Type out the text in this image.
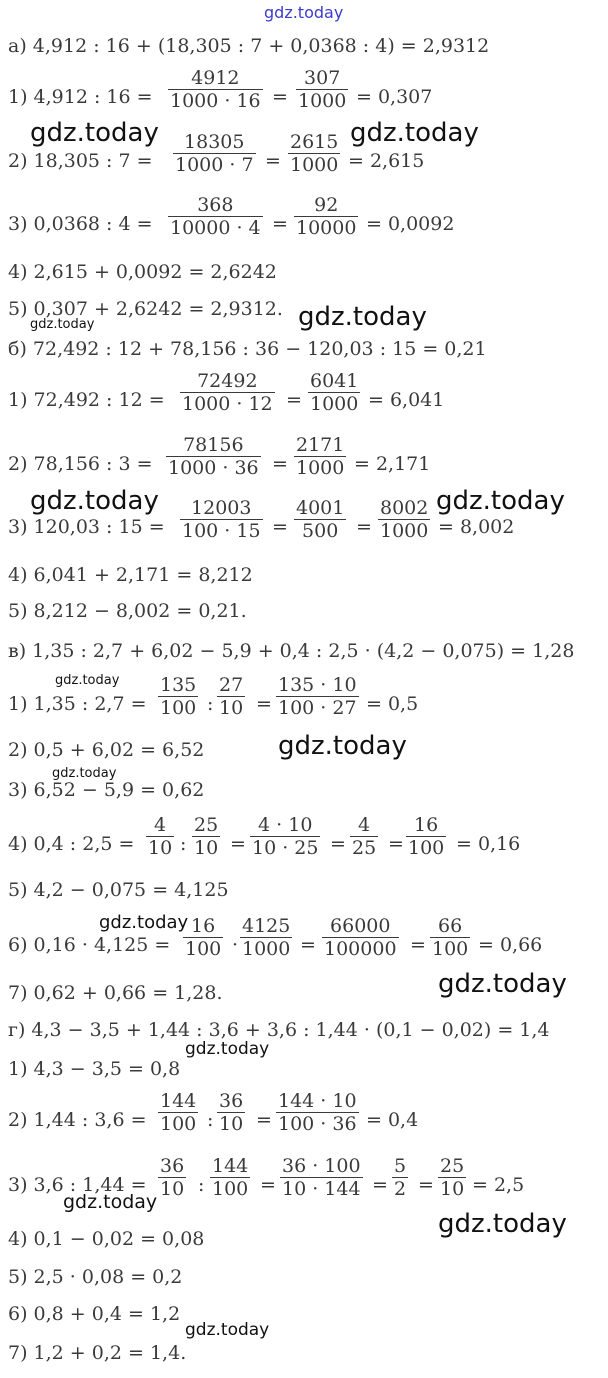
gdz.today
gdz.today	gdz.today
gdz.today	gdz.today
gdz.today	gdz.today
gdz.today
gdz.today
gdz.today
gdz.today
gdz.today
gdz.today
gdz.today
gdz.today
gdz.today
а) 4,912 : 16 + (18,305 : 7 + 0,0368 : 4) = 2,9312
1) 4,912 : 16 =
4912
1000 · 16 =
307
1000 = 0,307
2) 18,305 : 7 =
18305
1000 · 7 =
2615
1000 = 2,615
3) 0,0368 : 4 =
368
10000 · 4 =
92
10000 = 0,0092
4) 2,615 + 0,0092 = 2,6242
5) 0,307 + 2,6242 = 2,9312.
б) 72,492 : 12 + 78,156 : 36 − 120,03 : 15 = 0,21
1) 72,492 : 12 =
72492
1000 · 12 =
6041
1000 = 6,041
2) 78,156 : 3 =
78156
1000 · 36 =
2171
1000 = 2,171
3) 120,03 : 15 =
12003
100 · 15 =
4001
500 =
8002
1000 = 8,002
4) 6,041 + 2,171 = 8,212
5) 8,212 − 8,002 = 0,21.
в) 1,35 : 2,7 + 6,02 − 5,9 + 0,4 : 2,5 · (4,2 − 0,075) = 1,28
1) 1,35 : 2,7 =
135
100 :
27
10 =
135 · 10
100 · 27 = 0,5
2) 0,5 + 6,02 = 6,52
3) 6,52 − 5,9 = 0,62
4) 0,4 : 2,5 =
4
10 :
25
10 =
4 · 10
10 · 25 =
4
25 =
16
100 = 0,16
5) 4,2 − 0,075 = 4,125
6) 0,16 · 4,125 =
16
100 ·
4125
1000 =
66000
100000 =
66
100 = 0,66
7) 0,62 + 0,66 = 1,28.
г) 4,3 − 3,5 + 1,44 : 3,6 + 3,6 : 1,44 · (0,1 − 0,02) = 1,4
1) 4,3 − 3,5 = 0,8
2) 1,44 : 3,6 =
144
100 :
36
10 =
144 · 10
100 · 36 = 0,4
3) 3,6 : 1,44 =
36
10 :
144
100 =
36 · 100
10 · 144 =
5
2 =
25
10 = 2,5
4) 0,1 − 0,02 = 0,08
5) 2,5 · 0,08 = 0,2
6) 0,8 + 0,4 = 1,2
7) 1,2 + 0,2 = 1,4.
